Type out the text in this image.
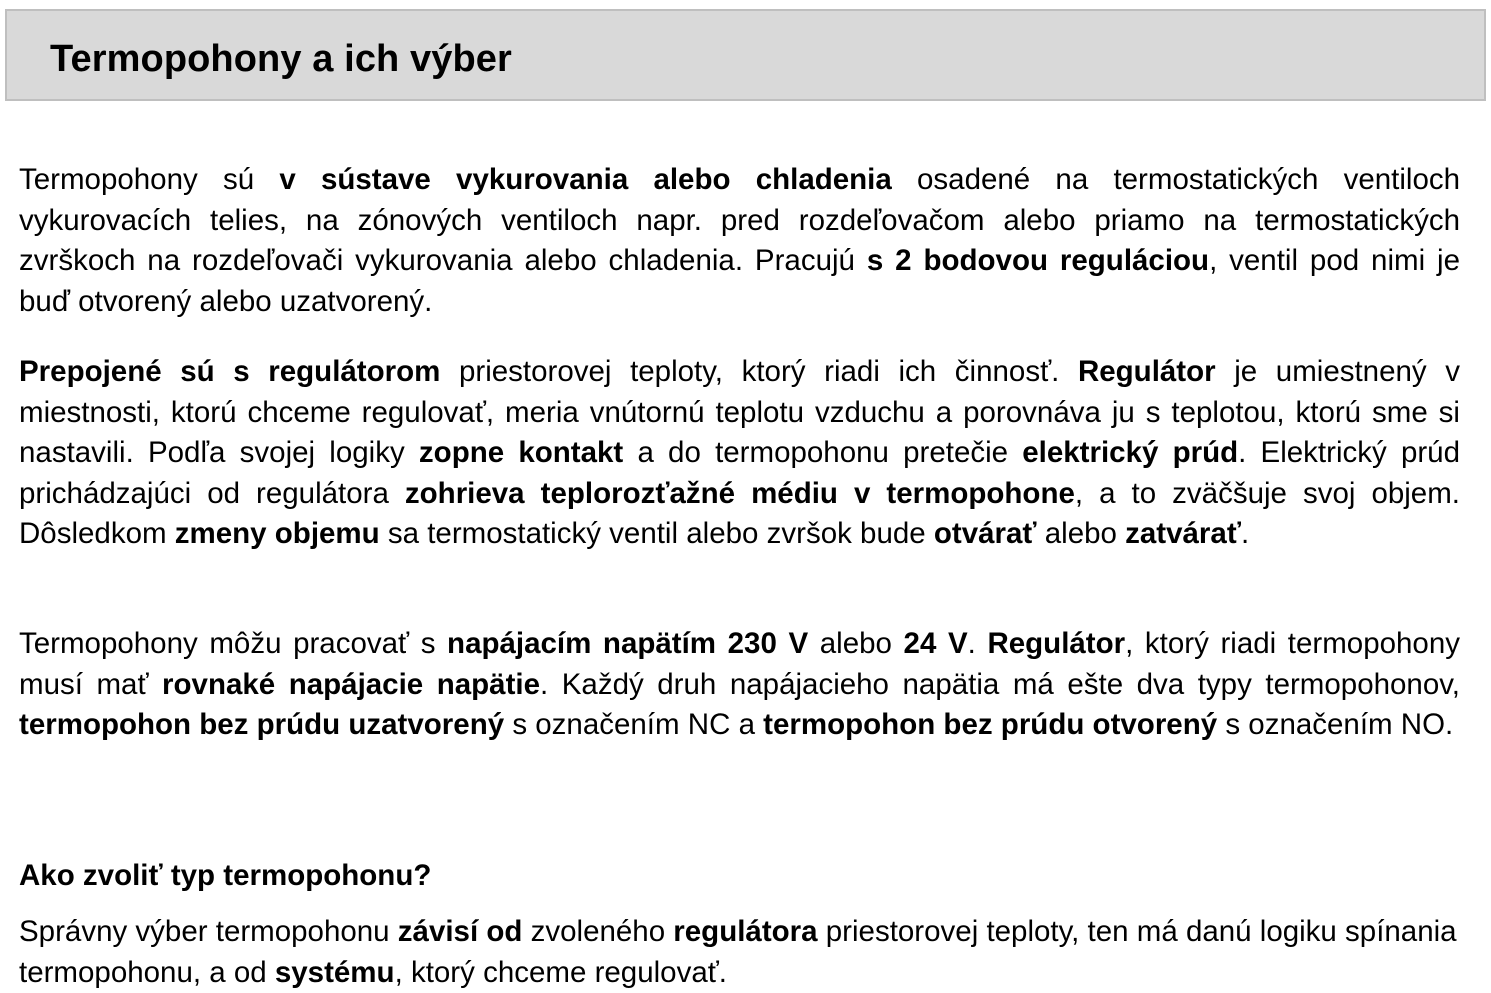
Termopohony a ich výber

Termopohony sú v sústave vykurovania alebo chladenia osadené na termostatických ventiloch vykurovacích telies, na zónových ventiloch napr. pred rozdeľovačom alebo priamo na termostatických zvrškoch na rozdeľovači vykurovania alebo chladenia. Pracujú s 2 bodovou reguláciou, ventil pod nimi je buď otvorený alebo uzatvorený.

Prepojené sú s regulátorom priestorovej teploty, ktorý riadi ich činnosť. Regulátor je umiestnený v miestnosti, ktorú chceme regulovať, meria vnútornú teplotu vzduchu a porovnáva ju s teplotou, ktorú sme si nastavili. Podľa svojej logiky zopne kontakt a do termopohonu pretečie elektrický prúd. Elektrický prúd prichádzajúci od regulátora zohrieva teplorozťažné médiu v termopohone, a to zväčšuje svoj objem. Dôsledkom zmeny objemu sa termostatický ventil alebo zvršok bude otvárať alebo zatvárať.

Termopohony môžu pracovať s napájacím napätím 230 V alebo 24 V. Regulátor, ktorý riadi termopohony musí mať rovnaké napájacie napätie. Každý druh napájacieho napätia má ešte dva typy termopohonov, termopohon bez prúdu uzatvorený s označením NC a termopohon bez prúdu otvorený s označením NO.

Ako zvoliť typ termopohonu?

Správny výber termopohonu závisí od zvoleného regulátora priestorovej teploty, ten má danú logiku spínania termopohonu, a od systému, ktorý chceme regulovať.
